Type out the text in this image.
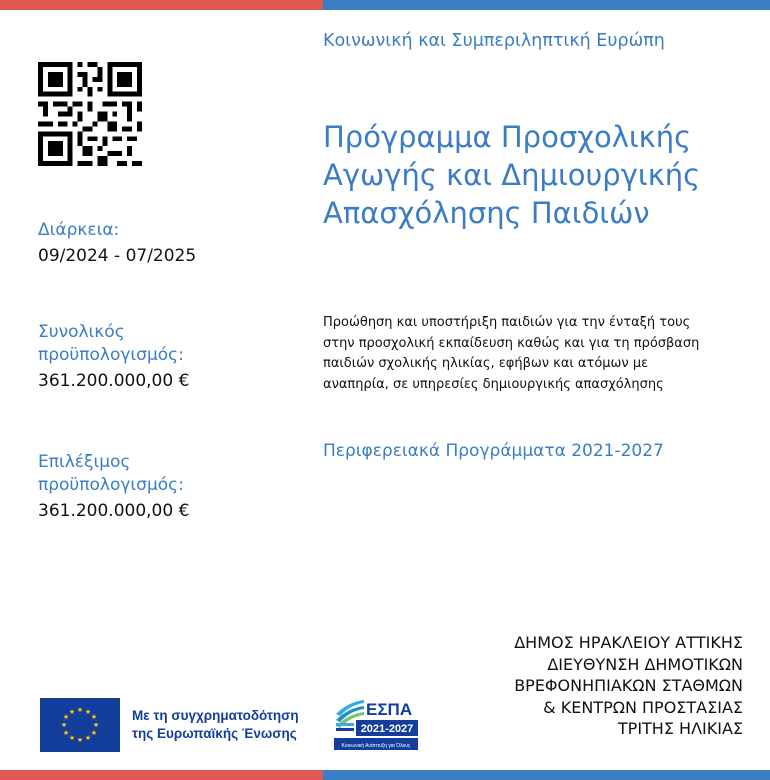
Διάρκεια:
09/2024 - 07/2025
Συνολικός προϋπολογισμός:
361.200.000,00 €
Επιλέξιμος προϋπολογισμός:
361.200.000,00 €
Κοινωνική και Συμπεριληπτική Ευρώπη
Πρόγραμμα Προσχολικής Αγωγής και Δημιουργικής Απασχόλησης Παιδιών
Προώθηση και υποστήριξη παιδιών για την ένταξή τους στην προσχολική εκπαίδευση καθώς και για τη πρόσβαση παιδιών σχολικής ηλικίας, εφήβων και ατόμων με αναπηρία, σε υπηρεσίες δημιουργικής απασχόλησης
Περιφερειακά Προγράμματα 2021-2027
ΔΗΜΟΣ ΗΡΑΚΛΕΙΟΥ ΑΤΤΙΚΗΣ
ΔΙΕΥΘΥΝΣΗ ΔΗΜΟΤΙΚΩΝ
ΒΡΕΦΟΝΗΠΙΑΚΩΝ ΣΤΑΘΜΩΝ
& ΚΕΝΤΡΩΝ ΠΡΟΣΤΑΣΙΑΣ
ΤΡΙΤΗΣ ΗΛΙΚΙΑΣ
★ ★
★
★
★
★
★
★
★
★
★
★	Με τη συγχρηματοδότηση
της Ευρωπαϊκής Ένωσης
ΕΣΠΑ
2021-2027
Κοινωνική Ανάπτυξη για Όλους
